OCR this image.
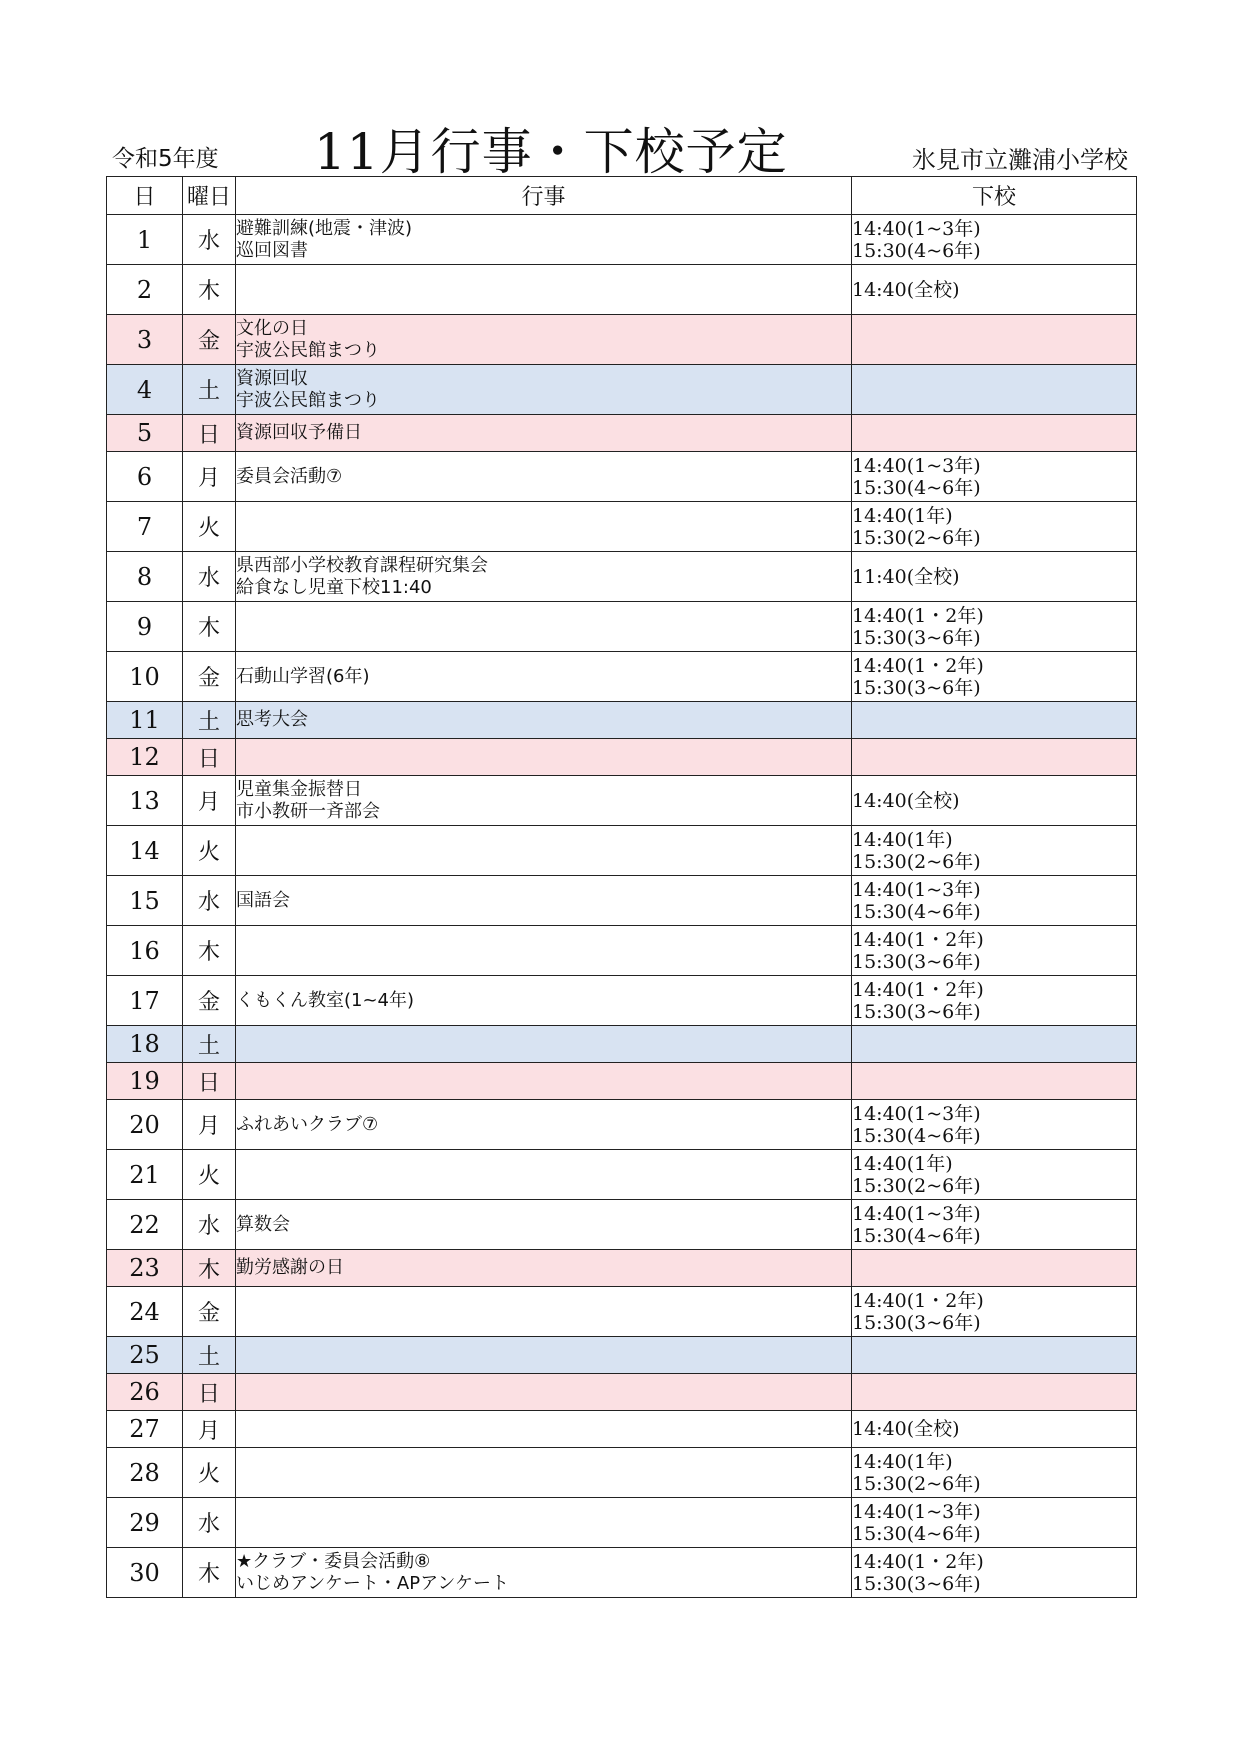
令和5年度 11月行事・下校予定	氷見市立灘浦小学校
日	曜日	行事	下校
1	水	避難訓練(地震・津波)
巡回図書	14:40(1~3年)
15:30(4~6年)

2	木		14:40(全校)

3	金	文化の日
宇波公民館まつり	

4	土	資源回収
宇波公民館まつり	

5	日	資源回収予備日	

6	月	委員会活動⑦	14:40(1~3年)
15:30(4~6年)

7	火		14:40(1年)
15:30(2~6年)

8	水	県西部小学校教育課程研究集会
給食なし児童下校11:40	11:40(全校)

9	木		14:40(1・2年)
15:30(3~6年)

10	金	石動山学習(6年)	14:40(1・2年)
15:30(3~6年)

11	土	思考大会	

12	日		
13	月	児童集金振替日
市小教研一斉部会	14:40(全校)

14	火		14:40(1年)
15:30(2~6年)

15	水	国語会	14:40(1~3年)
15:30(4~6年)

16	木		14:40(1・2年)
15:30(3~6年)

17	金	くもくん教室(1~4年)	14:40(1・2年)
15:30(3~6年)

18	土		
19	日		
20	月	ふれあいクラブ⑦	14:40(1~3年)
15:30(4~6年)

21	火		14:40(1年)
15:30(2~6年)

22	水	算数会	14:40(1~3年)
15:30(4~6年)

23	木	勤労感謝の日	

24	金		14:40(1・2年)
15:30(3~6年)

25	土		
26	日		
27	月		14:40(全校)

28	火		14:40(1年)
15:30(2~6年)

29	水		14:40(1~3年)
15:30(4~6年)

30	木	★クラブ・委員会活動⑧
いじめアンケート・APアンケート	14:40(1・2年)
15:30(3~6年)
